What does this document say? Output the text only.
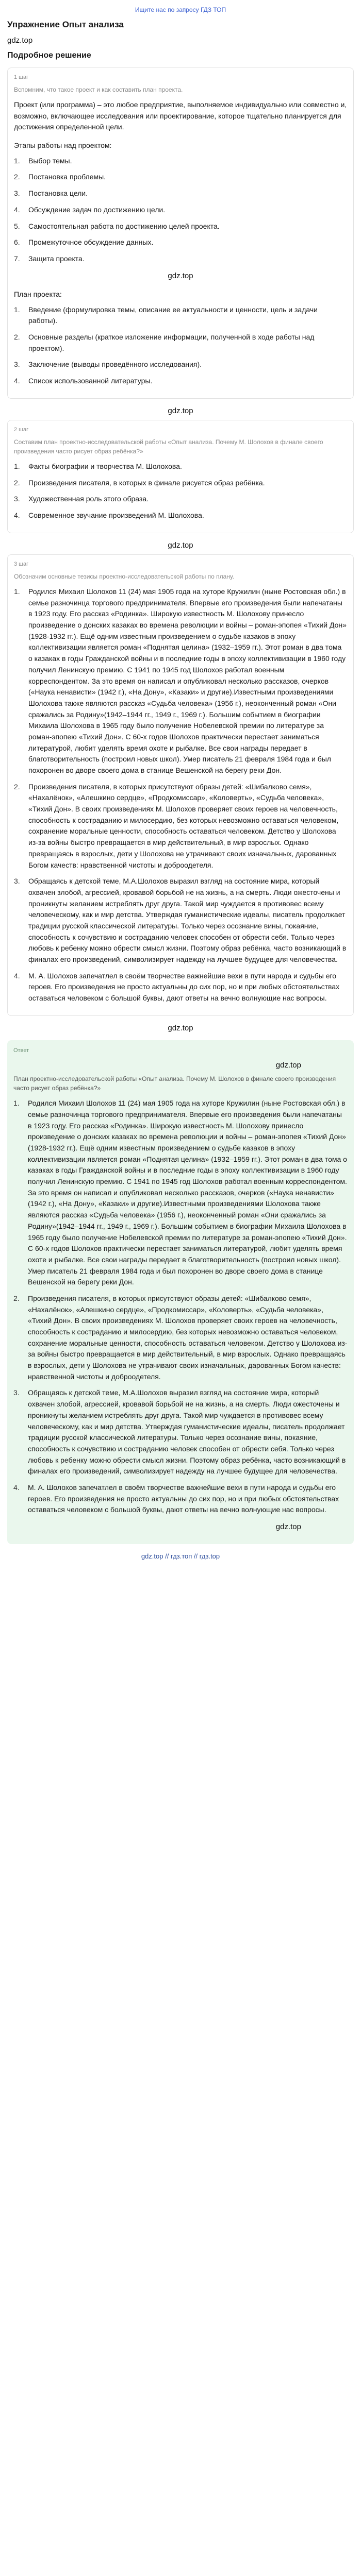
Ищите нас по запросу ГДЗ ТОП
Упражнение Опыт анализа
gdz.top
Подробное решение
1 шаг
Вспомним, что такое проект и как составить план проекта.
Проект (или программа) – это любое предприятие, выполняемое индивидуально или совместно и, возможно, включающее исследования или проектирование, которое тщательно планируется для достижения определенной цели.
Этапы работы над проектом:
1.	Выбор темы.
2.	Постановка проблемы.
3.	Постановка цели.
4.	Обсуждение задач по достижению цели.
5.	Самостоятельная работа по достижению целей проекта.
6.	Промежуточное обсуждение данных.
7.	Защита проекта.
gdz.top
План проекта:
1.	Введение (формулировка темы, описание ее актуальности и ценности, цель и задачи работы).
2.	Основные разделы (краткое изложение информации, полученной в ходе работы над проектом).
3.	Заключение (выводы проведённого исследования).
4.	Список использованной литературы.
gdz.top
2 шаг
Составим план проектно-исследовательской работы «Опыт анализа. Почему М. Шолохов в финале своего произведения часто рисует образ ребёнка?»
1.	Факты биографии и творчества М. Шолохова.
2.	Произведения писателя, в которых в финале рисуется образ ребёнка.
3.	Художественная роль этого образа.
4.	Современное звучание произведений М. Шолохова.
gdz.top
3 шаг
Обозначим основные тезисы проектно-исследовательской работы по плану.
1.	Родился Михаил Шолохов 11 (24) мая 1905 года на хуторе Кружилин (ныне Ростовская обл.) в семье разночинца торгового предпринимателя. Впервые его произведения были напечатаны в 1923 году. Его рассказ «Родинка». Широкую известность М. Шолохову принесло произведение о донских казаках во времена революции и войны – роман-эпопея «Тихий Дон» (1928-1932 гг.). Ещё одним известным произведением о судьбе казаков в эпоху коллективизации является роман «Поднятая целина» (1932–1959 гг.). Этот роман в два тома о казаках в годы Гражданской войны и в последние годы в эпоху коллективизации в 1960 году получил Ленинскую премию. С 1941 по 1945 год Шолохов работал военным корреспондентом. За это время он написал и опубликовал несколько рассказов, очерков («Наука ненависти» (1942 г.), «На Дону», «Казаки» и другие).Известными произведениями Шолохова также являются рассказ «Судьба человека» (1956 г.), неоконченный роман «Они сражались за Родину»(1942–1944 гг., 1949 г., 1969 г.). Большим событием в биографии Михаила Шолохова в 1965 году было получение Нобелевской премии по литературе за роман-эпопею «Тихий Дон». С 60-х годов Шолохов практически перестает заниматься литературой, любит уделять время охоте и рыбалке. Все свои награды передает в благотворительность (построил новых школ). Умер писатель 21 февраля 1984 года и был похоронен во дворе своего дома в станице Вешенской на берегу реки Дон.
2.	Произведения писателя, в которых присутствуют образы детей: «Шибалково семя», «Нахалёнок», «Алешкино сердце», «Продкомиссар», «Коловерть», «Судьба человека», «Тихий Дон». В своих произведениях М. Шолохов проверяет своих героев на человечность, способность к состраданию и милосердию, без которых невозможно оставаться человеком, сохранение моральные ценности, способность оставаться человеком. Детство у Шолохова из-за войны быстро превращается в мир действительный, в мир взрослых. Однако превращаясь в взрослых, дети у Шолохова не утрачивают своих изначальных, дарованных Богом качеств: нравственной чистоты и доброодетеля.
3.	Обращаясь к детской теме, М.А.Шолохов выразил взгляд на состояние мира, который охвачен злобой, агрессией, кровавой борьбой не на жизнь, а на смерть. Люди ожесточены и проникнуты желанием истреблять друг друга. Такой мир чуждается в противовес всему человеческому, как и мир детства. Утверждая гуманистические идеалы, писатель продолжает традиции русской классической литературы. Только через осознание вины, покаяние, способность к сочувствию и состраданию человек способен от обрести себя. Только через любовь к ребенку можно обрести смысл жизни. Поэтому образ ребёнка, часто возникающий в финалах его произведений, символизирует надежду на лучшее будущее для человечества.
4.	М. А. Шолохов запечатлел в своём творчестве важнейшие вехи в пути народа и судьбы его героев. Его произведения не просто актуальны до сих пор, но и при любых обстоятельствах оставаться человеком с большой буквы, дают ответы на вечно волнующие нас вопросы.
gdz.top
Ответ
gdz.top
План проектно-исследовательской работы «Опыт анализа. Почему М. Шолохов в финале своего произведения часто рисует образ ребёнка?»
1.	Родился Михаил Шолохов 11 (24) мая 1905 года на хуторе Кружилин (ныне Ростовская обл.) в семье разночинца торгового предпринимателя. Впервые его произведения были напечатаны в 1923 году. Его рассказ «Родинка». Широкую известность М. Шолохову принесло произведение о донских казаках во времена революции и войны – роман-эпопея «Тихий Дон» (1928-1932 гг.). Ещё одним известным произведением о судьбе казаков в эпоху коллективизации является роман «Поднятая целина» (1932–1959 гг.). Этот роман в два тома о казаках в годы Гражданской войны и в последние годы в эпоху коллективизации в 1960 году получил Ленинскую премию. С 1941 по 1945 год Шолохов работал военным корреспондентом. За это время он написал и опубликовал несколько рассказов, очерков («Наука ненависти» (1942 г.), «На Дону», «Казаки» и другие).Известными произведениями Шолохова также являются рассказ «Судьба человека» (1956 г.), неоконченный роман «Они сражались за Родину»(1942–1944 гг., 1949 г., 1969 г.). Большим событием в биографии Михаила Шолохова в 1965 году было получение Нобелевской премии по литературе за роман-эпопею «Тихий Дон». С 60-х годов Шолохов практически перестает заниматься литературой, любит уделять время охоте и рыбалке. Все свои награды передает в благотворительность (построил новых школ). Умер писатель 21 февраля 1984 года и был похоронен во дворе своего дома в станице Вешенской на берегу реки Дон.
2.	Произведения писателя, в которых присутствуют образы детей: «Шибалково семя», «Нахалёнок», «Алешкино сердце», «Продкомиссар», «Коловерть», «Судьба человека», «Тихий Дон». В своих произведениях М. Шолохов проверяет своих героев на человечность, способность к состраданию и милосердию, без которых невозможно оставаться человеком, сохранение моральные ценности, способность оставаться человеком. Детство у Шолохова из-за войны быстро превращается в мир действительный, в мир взрослых. Однако превращаясь в взрослых, дети у Шолохова не утрачивают своих изначальных, дарованных Богом качеств: нравственной чистоты и доброодетеля.
3.	Обращаясь к детской теме, М.А.Шолохов выразил взгляд на состояние мира, который охвачен злобой, агрессией, кровавой борьбой не на жизнь, а на смерть. Люди ожесточены и проникнуты желанием истреблять друг друга. Такой мир чуждается в противовес всему человеческому, как и мир детства. Утверждая гуманистические идеалы, писатель продолжает традиции русской классической литературы. Только через осознание вины, покаяние, способность к сочувствию и состраданию человек способен от обрести себя. Только через любовь к ребенку можно обрести смысл жизни. Поэтому образ ребёнка, часто возникающий в финалах его произведений, символизирует надежду на лучшее будущее для человечества.
4.	М. А. Шолохов запечатлел в своём творчестве важнейшие вехи в пути народа и судьбы его героев. Его произведения не просто актуальны до сих пор, но и при любых обстоятельствах оставаться человеком с большой буквы, дают ответы на вечно волнующие нас вопросы.
gdz.top
gdz.top // гдз.топ // гдз.top
